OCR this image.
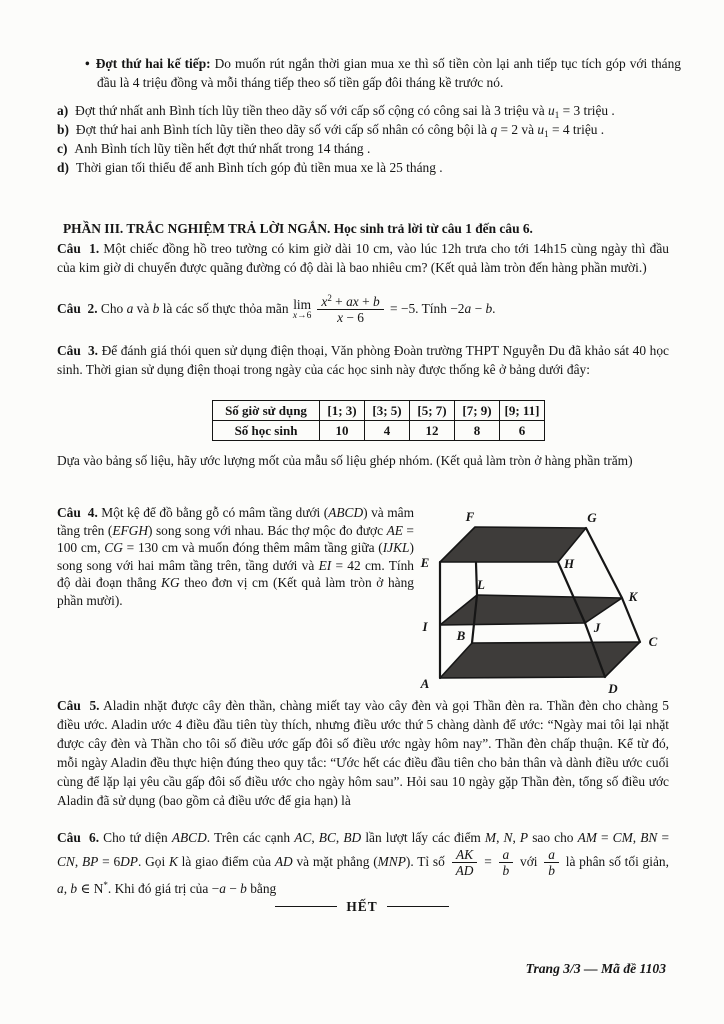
• Đợt thứ hai kế tiếp: Do muốn rút ngắn thời gian mua xe thì số tiền còn lại anh tiếp tục tích góp với tháng đầu là 4 triệu đồng và mỗi tháng tiếp theo số tiền gấp đôi tháng kề trước nó.
a) Đợt thứ nhất anh Bình tích lũy tiền theo dãy số với cấp số cộng có công sai là 3 triệu và $u_1 = 3$ triệu .
b) Đợt thứ hai anh Bình tích lũy tiền theo dãy số với cấp số nhân có công bội là q = 2 và $u_1 = 4$ triệu .
c) Anh Bình tích lũy tiền hết đợt thứ nhất trong 14 tháng .
d) Thời gian tối thiểu để anh Bình tích góp đủ tiền mua xe là 25 tháng .
PHẦN III. TRẮC NGHIỆM TRẢ LỜI NGẮN. Học sinh trả lời từ câu 1 đến câu 6.
Câu  1. Một chiếc đồng hồ treo tường có kim giờ dài 10 cm, vào lúc 12h trưa cho tới 14h15 cùng ngày thì đầu của kim giờ di chuyển được quãng đường có độ dài là bao nhiêu cm? (Kết quả làm tròn đến hàng phần mười.)
Câu  2. Cho a và b là các số thực thỏa mãn lim
$x\to 6 \frac{x^2 + ax + b}{x - 6} = -5$. Tính −2a − b.
Câu  3. Để đánh giá thói quen sử dụng điện thoại, Văn phòng Đoàn trường THPT Nguyễn Du đã khảo sát 40 học sinh. Thời gian sử dụng điện thoại trong ngày của các học sinh này được thống kê ở bảng dưới đây:
Số giờ sử dụng	[1; 3)	[3; 5)	[5; 7)	[7; 9)	[9; 11]
Số học sinh	10	4	12	8	6
Dựa vào bảng số liệu, hãy ước lượng mốt của mẫu số liệu ghép nhóm. (Kết quả làm tròn ở hàng phần trăm)
Câu  4. Một kệ để đồ bằng gỗ có mâm tầng dưới (ABCD) và mâm tầng trên (EFGH) song song với nhau. Bác thợ mộc đo được AE = 100 cm, CG = 130 cm và muốn đóng thêm mâm tầng giữa (IJKL) song song với hai mâm tầng trên, tầng dưới và EI = 42 cm. Tính độ dài đoạn thẳng KG theo đơn vị cm (Kết quả làm tròn ở hàng phần mười).
A
B	C
D
E
F	G
H
I	J
K
L
Câu  5. Aladin nhặt được cây đèn thần, chàng miết tay vào cây đèn và gọi Thần đèn ra. Thần đèn cho chàng 5 điều ước. Aladin ước 4 điều đầu tiên tùy thích, nhưng điều ước thứ 5 chàng dành để ước: “Ngày mai tôi lại nhặt được cây đèn và Thần cho tôi số điều ước gấp đôi số điều ước ngày hôm nay”. Thần đèn chấp thuận. Kể từ đó, mỗi ngày Aladin đều thực hiện đúng theo quy tắc: “Ước hết các điều đầu tiên cho bản thân và dành điều ước cuối cùng để lặp lại yêu cầu gấp đôi số điều ước cho ngày hôm sau”. Hỏi sau 10 ngày gặp Thần đèn, tổng số điều ước Aladin đã sử dụng (bao gồm cả điều ước để gia hạn) là
Câu  6. Cho tứ diện ABCD. Trên các cạnh AC, BC, BD lần lượt lấy các điểm M, N, P sao cho AM = CM, BN = CN, BP = 6DP. Gọi K là giao điểm của AD và mặt phẳng (MNP). Tỉ số $\frac{AK}{AD} = \frac{a}{b}$ với $\frac{a}{b}$ là phân số tối giản, a, b ∈ N*. Khi đó giá trị của −a − b bằng
HẾT
Trang 3/3 — Mã đề 1103
